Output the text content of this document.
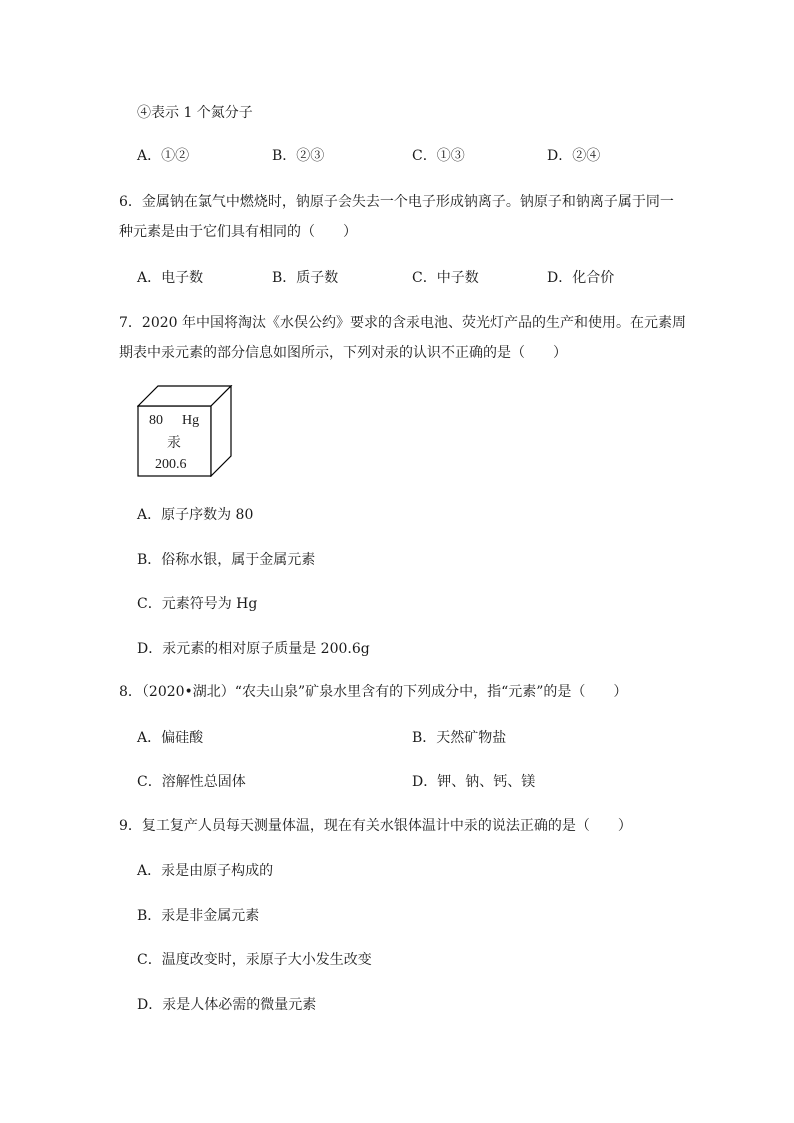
④表示 1 个氮分子
A．①②	B．②③	C．①③	D．②④
6．金属钠在氯气中燃烧时，钠原子会失去一个电子形成钠离子。钠原子和钠离子属于同一
种元素是由于它们具有相同的（　　）
A．电子数	B．质子数	C．中子数	D．化合价
7．2020 年中国将淘汰《水俣公约》要求的含汞电池、荧光灯产品的生产和使用。在元素周
期表中汞元素的部分信息如图所示，下列对汞的认识不正确的是（　　）
80 Hg
汞
200.6
A．原子序数为 80
B．俗称水银，属于金属元素
C．元素符号为 Hg
D．汞元素的相对原子质量是 200.6g
8．（2020•湖北）“农夫山泉”矿泉水里含有的下列成分中，指“元素”的是（　　）
A．偏硅酸	B．天然矿物盐
C．溶解性总固体	D．钾、钠、钙、镁
9．复工复产人员每天测量体温，现在有关水银体温计中汞的说法正确的是（　　）
A．汞是由原子构成的
B．汞是非金属元素
C．温度改变时，汞原子大小发生改变
D．汞是人体必需的微量元素
